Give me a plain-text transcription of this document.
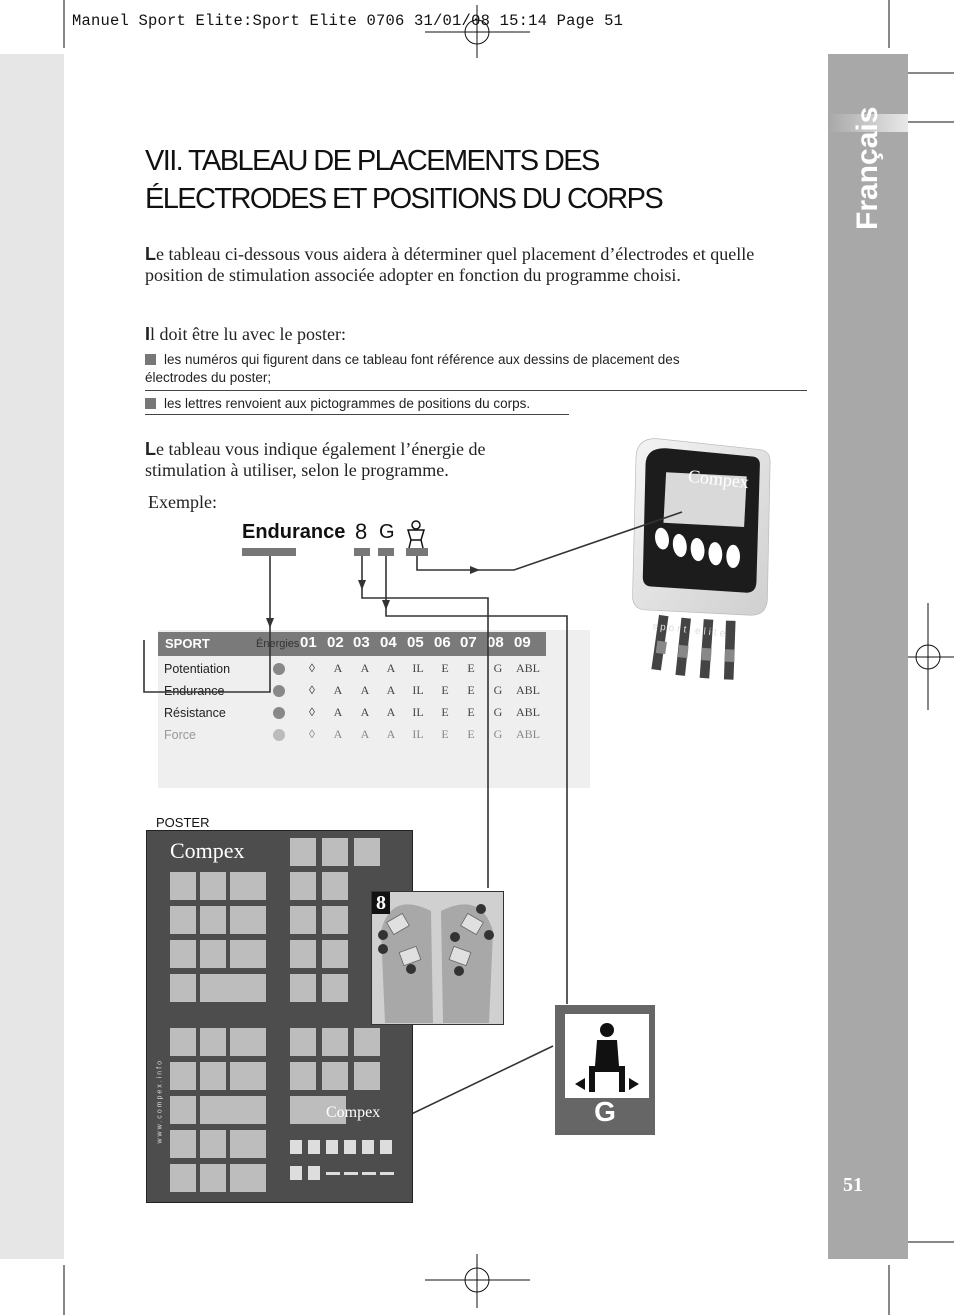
Manuel Sport Elite:Sport Elite 0706 31/01/08 15:14 Page 51
Français
51
VII. TABLEAU DE PLACEMENTS DES
ÉLECTRODES ET POSITIONS DU CORPS
Le tableau ci-dessous vous aidera à déterminer quel placement d’électrodes et quelle position de stimulation associée adopter en fonction du programme choisi.
Il doit être lu avec le poster:
les numéros qui figurent dans ce tableau font référence aux dessins de placement des électrodes du poster;
les lettres renvoient aux pictogrammes de positions du corps.
Le tableau vous indique également l’énergie de stimulation à utiliser, selon le programme.
Exemple:
Endurance 8 G
SPORT	Énergies 01 02 03 04 05 06 07 08 09
Potentiation	◊	A	A	A	IL	E	E	G	ABL
Endurance	◊	A	A	A	IL	E	E	G	ABL
Résistance	◊	A	A	A	IL	E	E	G	ABL
Force	◊	A	A	A	IL	E	E	G	ABL
Compex
sport elite
POSTER
Compex
www.compex.info	Compex
8
G
